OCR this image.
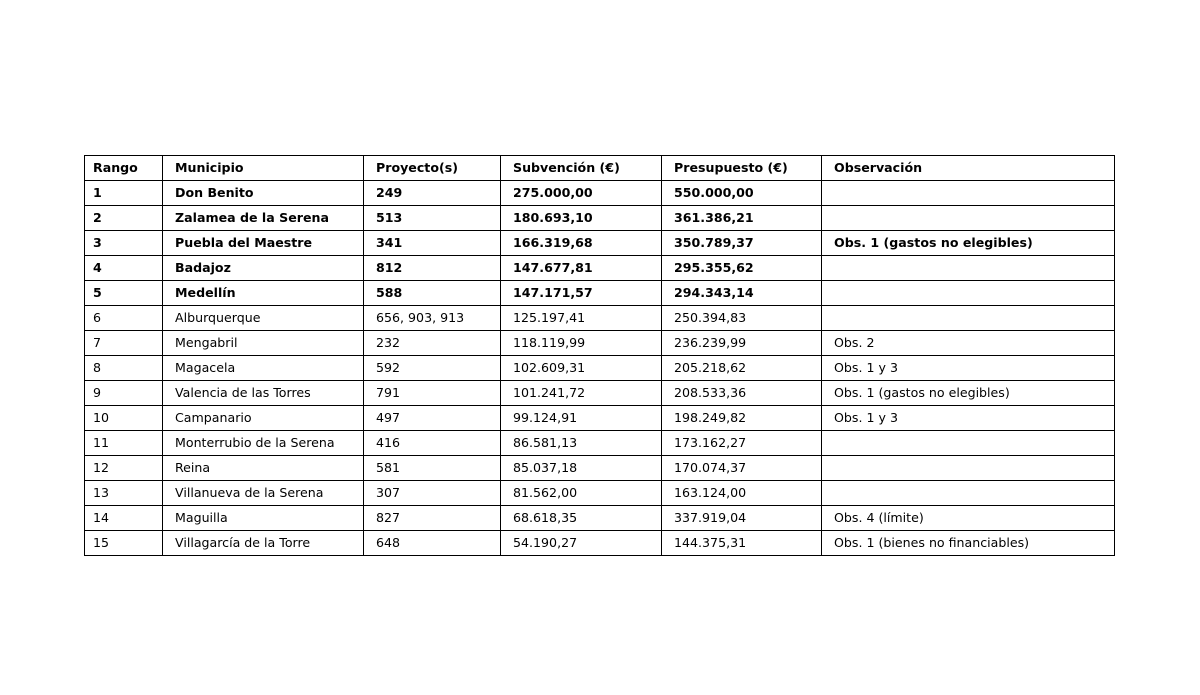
Rango	Municipio	Proyecto(s)	Subvención (€)	Presupuesto (€)	Observación
1	Don Benito	249	275.000,00	550.000,00	
2	Zalamea de la Serena	513	180.693,10	361.386,21	
3	Puebla del Maestre	341	166.319,68	350.789,37	Obs. 1 (gastos no elegibles)
4	Badajoz	812	147.677,81	295.355,62	
5	Medellín	588	147.171,57	294.343,14	
6	Alburquerque	656, 903, 913	125.197,41	250.394,83	
7	Mengabril	232	118.119,99	236.239,99	Obs. 2
8	Magacela	592	102.609,31	205.218,62	Obs. 1 y 3
9	Valencia de las Torres	791	101.241,72	208.533,36	Obs. 1 (gastos no elegibles)
10	Campanario	497	99.124,91	198.249,82	Obs. 1 y 3
11	Monterrubio de la Serena	416	86.581,13	173.162,27	
12	Reina	581	85.037,18	170.074,37	
13	Villanueva de la Serena	307	81.562,00	163.124,00	
14	Maguilla	827	68.618,35	337.919,04	Obs. 4 (límite)
15	Villagarcía de la Torre	648	54.190,27	144.375,31	Obs. 1 (bienes no financiables)
